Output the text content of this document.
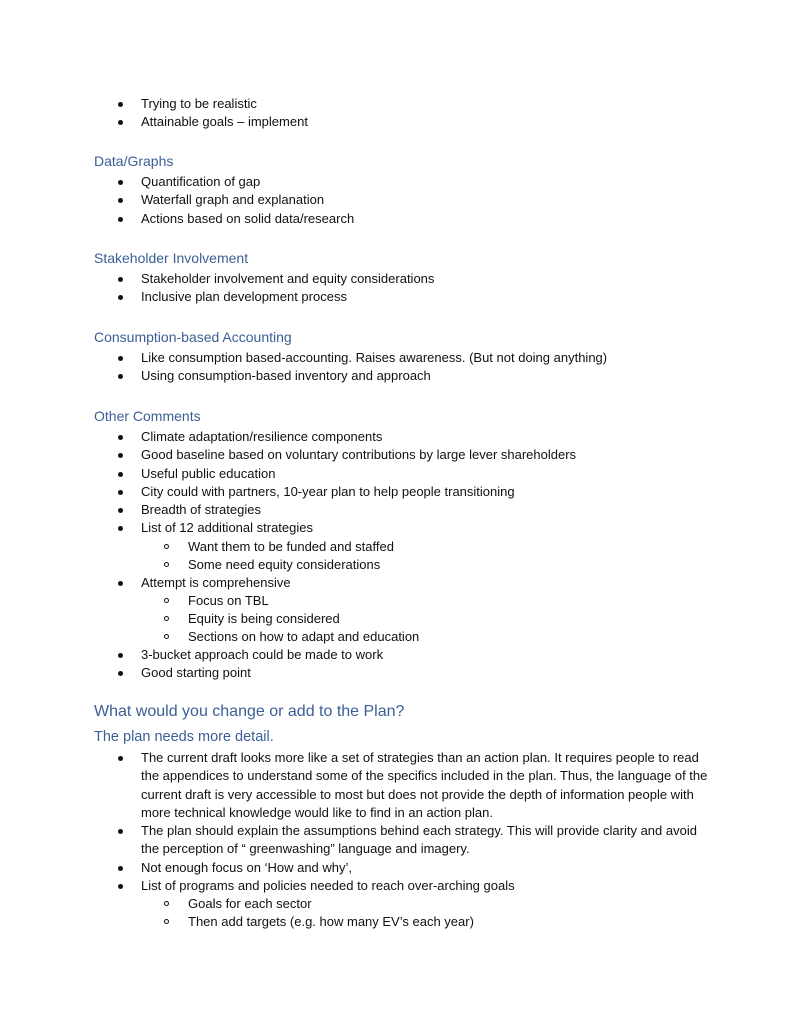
Trying to be realistic
Attainable goals – implement
Data/Graphs
Quantification of gap
Waterfall graph and explanation
Actions based on solid data/research
Stakeholder Involvement
Stakeholder involvement and equity considerations
Inclusive plan development process
Consumption-based Accounting
Like consumption based-accounting. Raises awareness. (But not doing anything)
Using consumption-based inventory and approach
Other Comments
Climate adaptation/resilience components
Good baseline based on voluntary contributions by large lever shareholders
Useful public education
City could with partners, 10-year plan to help people transitioning
Breadth of strategies
List of 12 additional strategies
Want them to be funded and staffed
Some need equity considerations
Attempt is comprehensive
Focus on TBL
Equity is being considered
Sections on how to adapt and education
3-bucket approach could be made to work
Good starting point
What would you change or add to the Plan?
The plan needs more detail.
The current draft looks more like a set of strategies than an action plan. It requires people to read the appendices to understand some of the specifics included in the plan. Thus, the language of the current draft is very accessible to most but does not provide the depth of information people with more technical knowledge would like to find in an action plan.
The plan should explain the assumptions behind each strategy. This will provide clarity and avoid the perception of “ greenwashing” language and imagery.
Not enough focus on ‘How and why’,
List of programs and policies needed to reach over-arching goals
Goals for each sector
Then add targets (e.g. how many EV’s each year)
